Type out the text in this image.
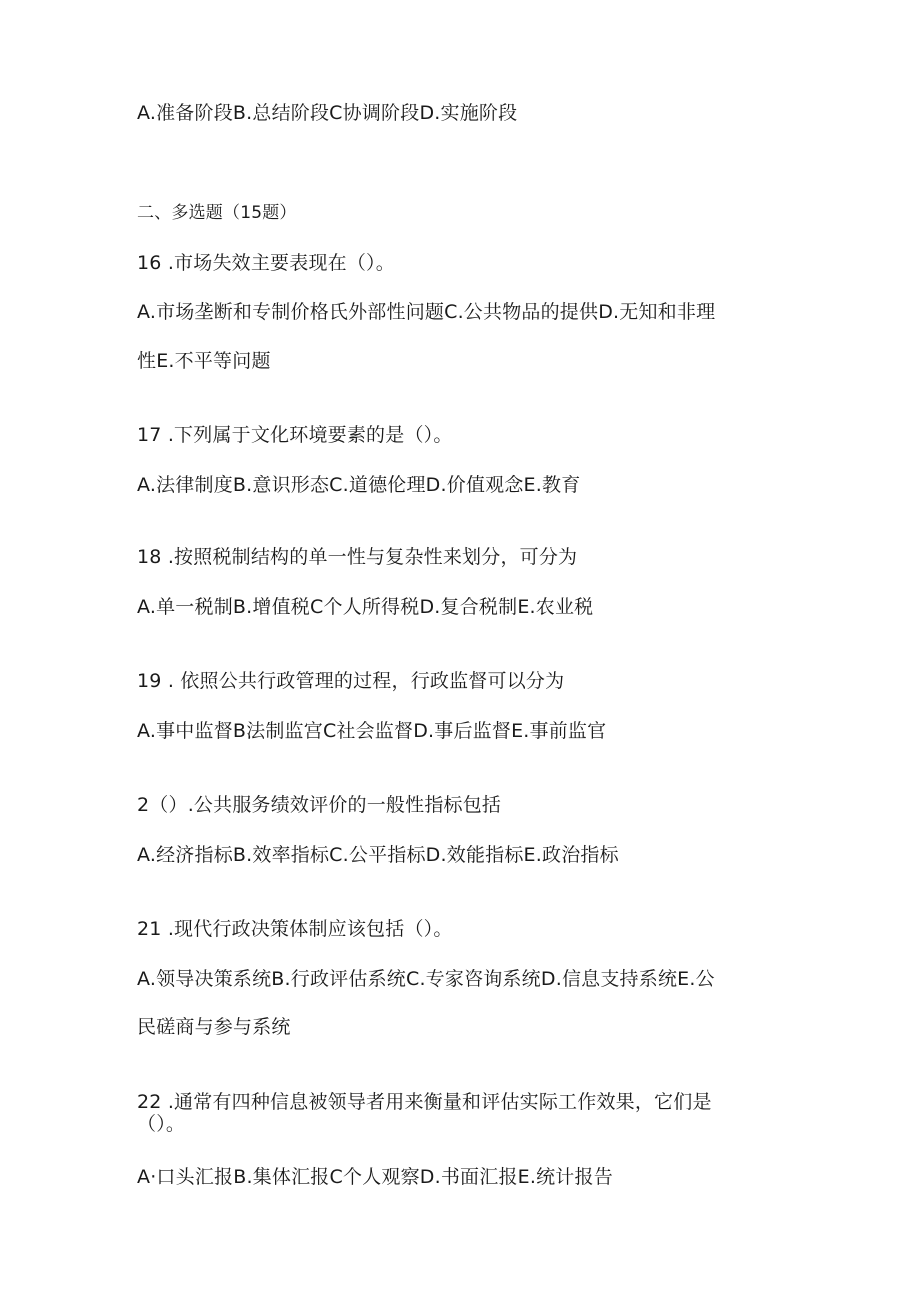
A.准备阶段B.总结阶段C协调阶段D.实施阶段
二、多选题（15题）
16 .市场失效主要表现在（）。
A.市场垄断和专制价格氏外部性问题C.公共物品的提供D.无知和非理
性E.不平等问题
17 .下列属于文化环境要素的是（）。
A.法律制度B.意识形态C.道德伦理D.价值观念E.教育
18 .按照税制结构的单一性与复杂性来划分，可分为
A.单一税制B.增值税C个人所得税D.复合税制E.农业税
19 . 依照公共行政管理的过程，行政监督可以分为
A.事中监督B法制监宫C社会监督D.事后监督E.事前监官
2（）.公共服务绩效评价的一般性指标包括
A.经济指标B.效率指标C.公平指标D.效能指标E.政治指标
21 .现代行政决策体制应该包括（）。
A.领导决策系统B.行政评估系统C.专家咨询系统D.信息支持系统E.公
民磋商与参与系统
22 .通常有四种信息被领导者用来衡量和评估实际工作效果，它们是
（）。
A·口头汇报B.集体汇报C个人观察D.书面汇报E.统计报告
